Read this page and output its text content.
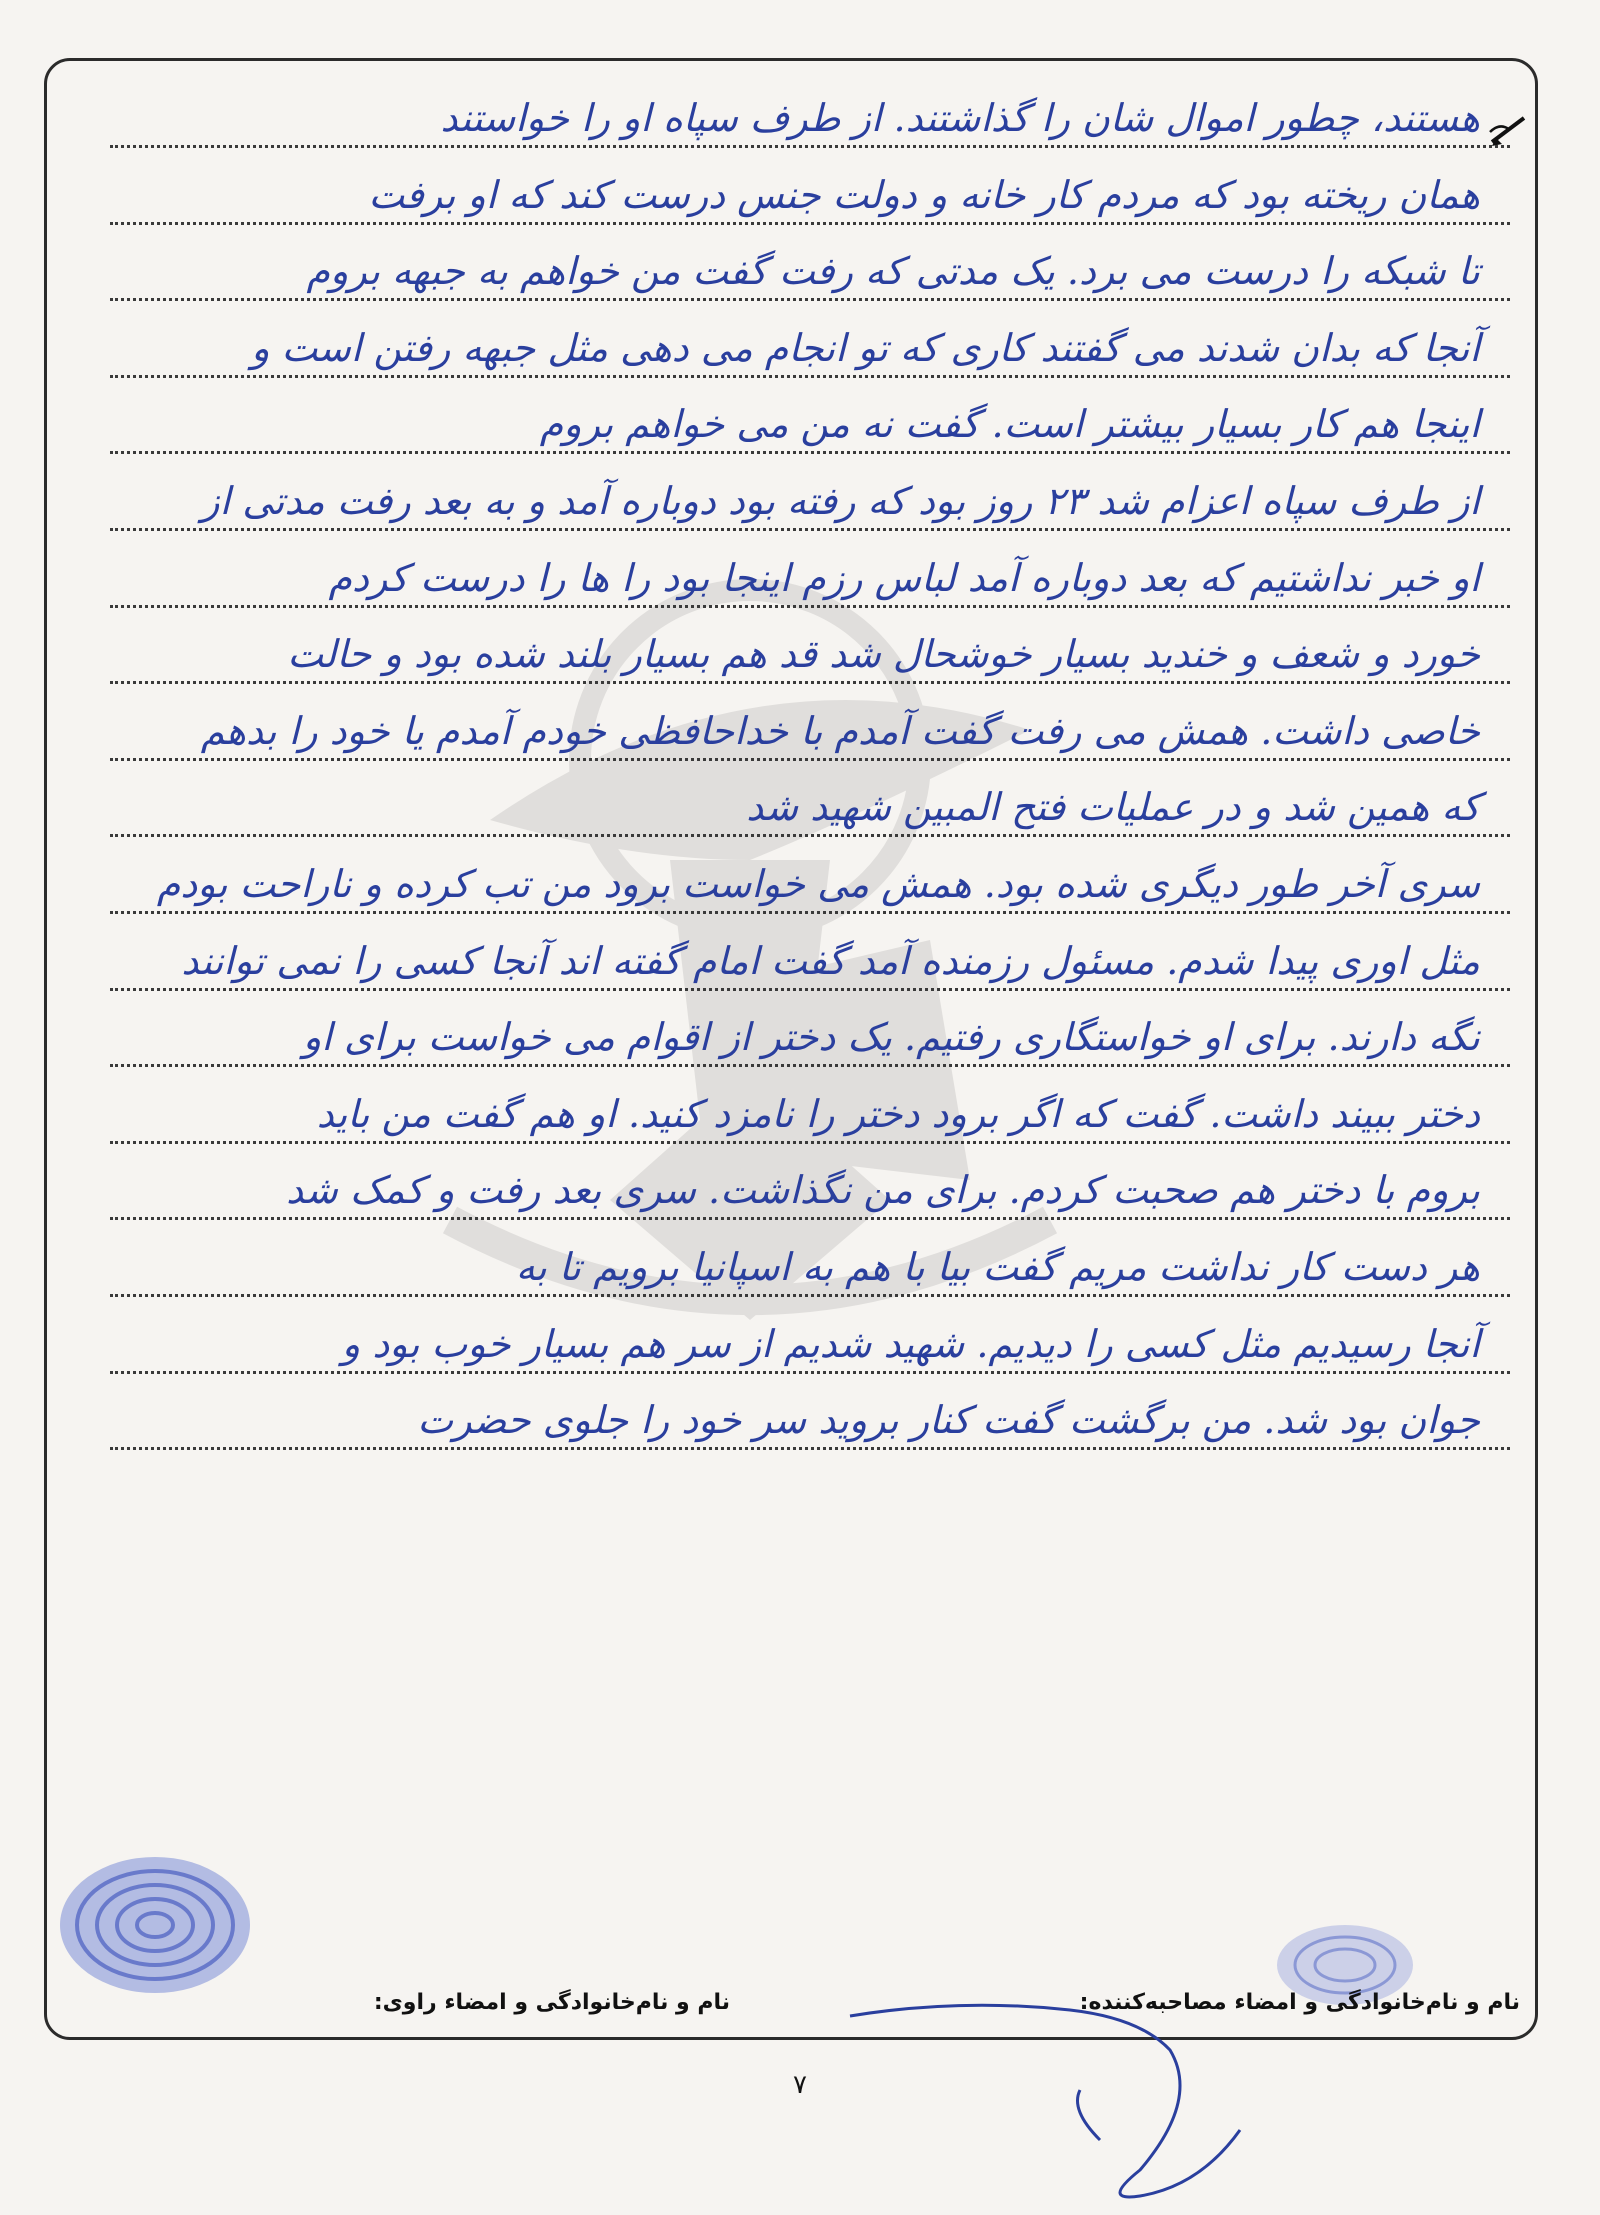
هستند، چطور اموال شان را گذاشتند. از طرف سپاه او را خواستند
همان ریخته بود که مردم کار خانه و دولت جنس درست کند که او برفت
تا شبکه را درست می برد. یک مدتی که رفت گفت من خواهم به جبهه بروم
آنجا که بدان شدند می گفتند کاری که تو انجام می دهی مثل جبهه رفتن است و
اینجا هم کار بسیار بیشتر است. گفت نه من می خواهم بروم
از طرف سپاه اعزام شد ۲۳ روز بود که رفته بود دوباره آمد و به بعد رفت مدتی از
او خبر نداشتیم که بعد دوباره آمد لباس رزم اینجا بود را ها را درست کردم
خورد و شعف و خندید بسیار خوشحال شد قد هم بسیار بلند شده بود و حالت
خاصی داشت. همش می رفت گفت آمدم با خداحافظی خودم آمدم یا خود را بدهم
که همین شد و در عملیات فتح المبین شهید شد
سری آخر طور دیگری شده بود. همش می خواست برود من تب کرده و ناراحت بودم
مثل اوری پیدا شدم. مسئول رزمنده آمد گفت امام گفته اند آنجا کسی را نمی توانند
نگه دارند. برای او خواستگاری رفتیم. یک دختر از اقوام می خواست برای او
دختر ببیند داشت. گفت که اگر برود دختر را نامزد کنید. او هم گفت من باید
بروم با دختر هم صحبت کردم. برای من نگذاشت. سری بعد رفت و کمک شد
هر دست کار نداشت مریم گفت بیا با هم به اسپانیا برویم تا به
آنجا رسیدیم مثل کسی را دیدیم. شهید شدیم از سر هم بسیار خوب بود و
جوان بود شد. من برگشت گفت کنار بروید سر خود را جلوی حضرت
نام و نام‌خانوادگی و امضاء مصاحبه‌کننده:
نام و نام‌خانوادگی و امضاء راوی:
۷
